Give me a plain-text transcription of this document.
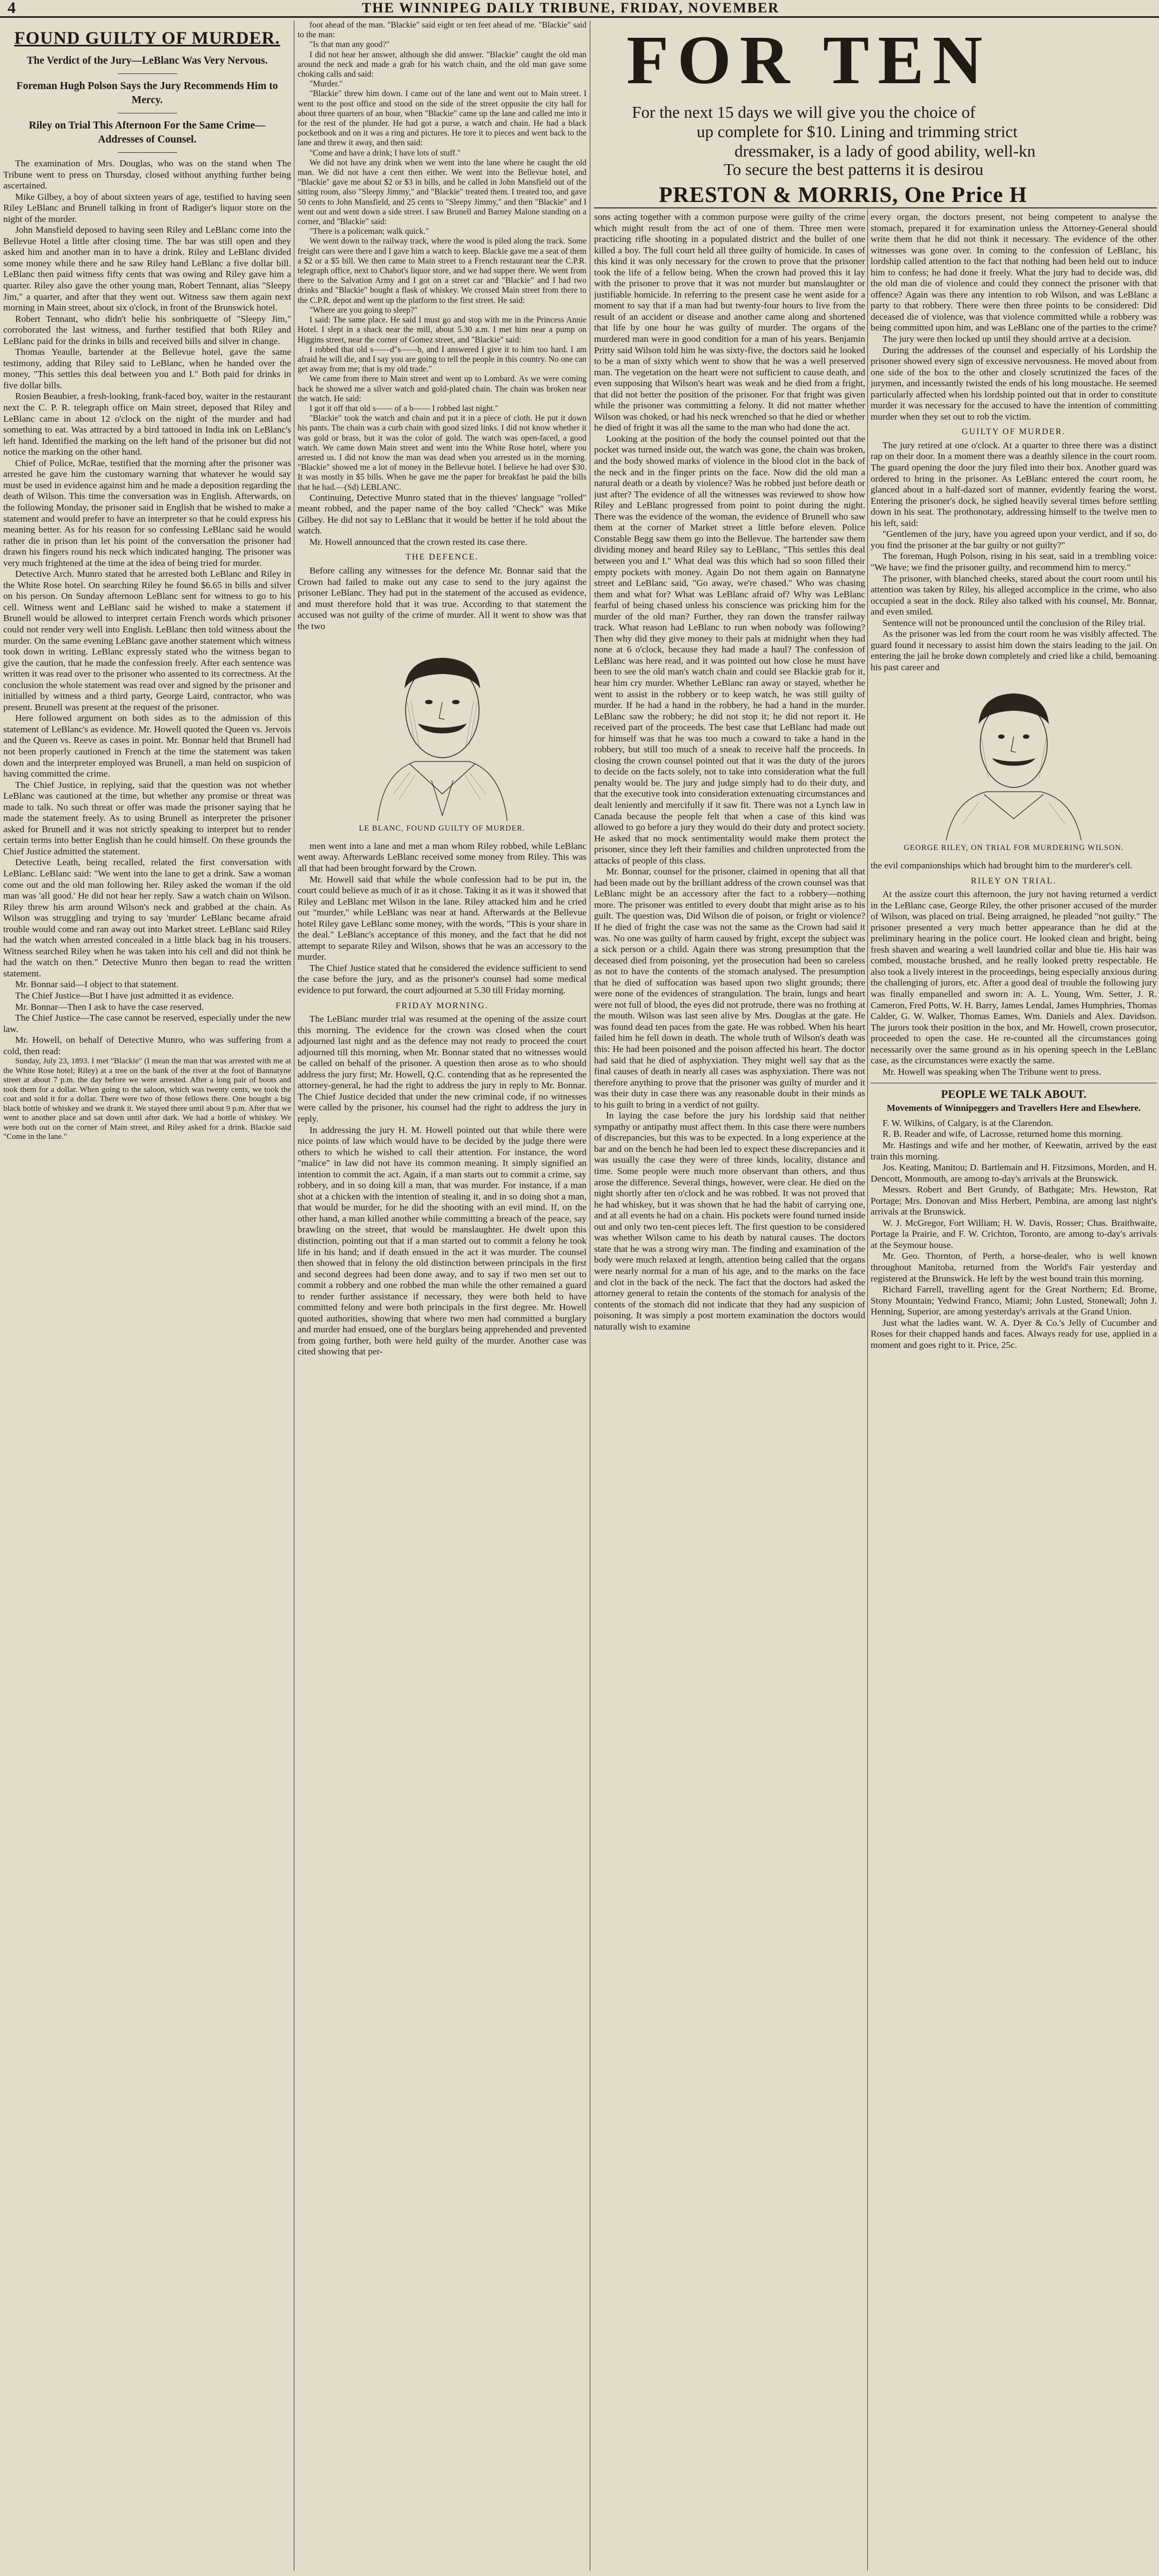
4	THE WINNIPEG DAILY TRIBUNE, FRIDAY, NOVEMBER
FOUND GUILTY OF MURDER.
The Verdict of the Jury—LeBlanc Was Very Nervous.
Foreman Hugh Polson Says the Jury Recommends Him to Mercy.
Riley on Trial This Afternoon For the Same Crime—Addresses of Counsel.

The examination of Mrs. Douglas, who was on the stand when The Tribune went to press on Thursday, closed without anything further being ascertained.

Mike Gilbey, a boy of about sixteen years of age, testified to having seen Riley LeBlanc and Brunell talking in front of Radiger's liquor store on the night of the murder.

John Mansfield deposed to having seen Riley and LeBlanc come into the Bellevue Hotel a little after closing time. The bar was still open and they asked him and another man in to have a drink. Riley and LeBlanc divided some money while there and he saw Riley hand LeBlanc a five dollar bill. LeBlanc then paid witness fifty cents that was owing and Riley gave him a quarter. Riley also gave the other young man, Robert Tennant, alias "Sleepy Jim," a quarter, and after that they went out. Witness saw them again next morning in Main street, about six o'clock, in front of the Brunswick hotel.

Robert Tennant, who didn't belie his sonbriquette of "Sleepy Jim," corroborated the last witness, and further testified that both Riley and LeBlanc paid for the drinks in bills and received bills and silver in change.

Thomas Yeaulle, bartender at the Bellevue hotel, gave the same testimony, adding that Riley said to LeBlanc, when he handed over the money, "This settles this deal between you and I." Both paid for drinks in five dollar bills.

Rosien Beaubier, a fresh-looking, frank-faced boy, waiter in the restaurant next the C. P. R. telegraph office on Main street, deposed that Riley and LeBlanc came in about 12 o'clock on the night of the murder and had something to eat. Was attracted by a bird tattooed in India ink on LeBlanc's left hand. Identified the marking on the left hand of the prisoner but did not notice the marking on the other hand.

Chief of Police, McRae, testified that the morning after the prisoner was arrested he gave him the customary warning that whatever he would say must be used in evidence against him and he made a deposition regarding the death of Wilson. This time the conversation was in English. Afterwards, on the following Monday, the prisoner said in English that he wished to make a statement and would prefer to have an interpreter so that he could express his meaning better. As for his reason for so confessing LeBlanc said he would rather die in prison than let his point of the conversation the prisoner had drawn his fingers round his neck which indicated hanging. The prisoner was very much frightened at the time at the idea of being tried for murder.

Detective Arch. Munro stated that he arrested both LeBlanc and Riley in the White Rose hotel. On searching Riley he found $6.65 in bills and silver on his person. On Sunday afternoon LeBlanc sent for witness to go to his cell. Witness went and LeBlanc said he wished to make a statement if Brunell would be allowed to interpret certain French words which prisoner could not render very well into English. LeBlanc then told witness about the murder. On the same evening LeBlanc gave another statement which witness took down in writing. LeBlanc expressly stated who the witness began to give the caution, that he made the confession freely. After each sentence was written it was read over to the prisoner who assented to its correctness. At the conclusion the whole statement was read over and signed by the prisoner and initialled by witness and a third party, George Laird, contractor, who was present. Brunell was present at the request of the prisoner.

Here followed argument on both sides as to the admission of this statement of LeBlanc's as evidence. Mr. Howell quoted the Queen vs. Jervois and the Queen vs. Reeve as cases in point. Mr. Bonnar held that Brunell had not been properly cautioned in French at the time the statement was taken down and the interpreter employed was Brunell, a man held on suspicion of having committed the crime.

The Chief Justice, in replying, said that the question was not whether LeBlanc was cautioned at the time, but whether any promise or threat was made to talk. No such threat or offer was made the prisoner saying that he made the statement freely. As to using Brunell as interpreter the prisoner asked for Brunell and it was not strictly speaking to interpret but to render certain terms into better English than he could himself. On these grounds the Chief Justice admitted the statement.

Detective Leath, being recalled, related the first conversation with LeBlanc. LeBlanc said: "We went into the lane to get a drink. Saw a woman come out and the old man following her. Riley asked the woman if the old man was 'all good.' He did not hear her reply. Saw a watch chain on Wilson. Riley threw his arm around Wilson's neck and grabbed at the chain. As Wilson was struggling and trying to say 'murder' LeBlanc became afraid trouble would come and ran away out into Market street. LeBlanc said Riley had the watch when arrested concealed in a little black bag in his trousers. Witness searched Riley when he was taken into his cell and did not think he had the watch on then." Detective Munro then began to read the written statement.

Mr. Bonnar said—I object to that statement.

The Chief Justice—But I have just admitted it as evidence.

Mr. Bonnar—Then I ask to have the case reserved.

The Chief Justice—The case cannot be reserved, especially under the new law.

Mr. Howell, on behalf of Detective Munro, who was suffering from a cold, then read:

Sunday, July 23, 1893. I met "Blackie" (I mean the man that was arrested with me at the White Rose hotel; Riley) at a tree on the bank of the river at the foot of Bannatyne street at about 7 p.m. the day before we were arrested. After a long pair of boots and took them for a dollar. When going to the saloon, which was twenty cents, we took the coat and sold it for a dollar. There were two of those fellows there. One bought a big black bottle of whiskey and we drank it. We stayed there until about 9 p.m. After that we went to another place and sat down until after dark. We had a bottle of whiskey. We were both out on the corner of Main street, and Riley asked for a drink. Blackie said "Come in the lane."

foot ahead of the man. "Blackie" said eight or ten feet ahead of me. "Blackie" said to the man:

"Is that man any good?"

I did not hear her answer, although she did answer. "Blackie" caught the old man around the neck and made a grab for his watch chain, and the old man gave some choking calls and said:

"Murder."

"Blackie" threw him down. I came out of the lane and went out to Main street. I went to the post office and stood on the side of the street opposite the city hall for about three quarters of an hour, when "Blackie" came up the lane and called me into it for the rest of the plunder. He had got a purse, a watch and chain. He had a black pocketbook and on it was a ring and pictures. He tore it to pieces and went back to the lane and threw it away, and then said:

"Come and have a drink; I have lots of stuff."

We did not have any drink when we went into the lane where he caught the old man. We did not have a cent then either. We went into the Bellevue hotel, and "Blackie" gave me about $2 or $3 in bills, and he called in John Mansfield out of the sitting room, also "Sleepy Jimmy," and "Blackie" treated them. I treated too, and gave 50 cents to John Mansfield, and 25 cents to "Sleepy Jimmy," and then "Blackie" and I went out and went down a side street. I saw Brunell and Barney Malone standing on a corner, and "Blackie" said:

"There is a policeman; walk quick."

We went down to the railway track, where the wood is piled along the track. Some freight cars were there and I gave him a watch to keep. Blackie gave me a seat of them a $2 or a $5 bill. We then came to Main street to a French restaurant near the C.P.R. telegraph office, next to Chabot's liquor store, and we had supper there. We went from there to the Salvation Army and I got on a street car and "Blackie" and I had two drinks and "Blackie" bought a flask of whiskey. We crossed Main street from there to the C.P.R. depot and went up the platform to the first street. He said:

"Where are you going to sleep?"

I said: The same place. He said I must go and stop with me in the Princess Annie Hotel. I slept in a shack near the mill, about 5.30 a.m. I met him near a pump on Higgins street, near the corner of Gomez street, and "Blackie" said:

I robbed that old s——d"s——b, and I answered I give it to him too hard. I am afraid he will die, and I say you are going to tell the people in this country. No one can get away from me; that is my old trade."

We came from there to Main street and went up to Lombard. As we were coming back he showed me a silver watch and gold-plated chain. The chain was broken near the watch. He said:

I got it off that old s—— of a b—— I robbed last night."

"Blackie" took the watch and chain and put it in a piece of cloth. He put it down his pants. The chain was a curb chain with good sized links. I did not know whether it was gold or brass, but it was the color of gold. The watch was open-faced, a good watch. We came down Main street and went into the White Rose hotel, where you arrested us. I did not know the man was dead when you arrested us in the morning. "Blackie" showed me a lot of money in the Bellevue hotel. I believe he had over $30. It was mostly in $5 bills. When he gave me the paper for breakfast he paid the bills that he had.—(Sd) LEBLANC.

Continuing, Detective Munro stated that in the thieves' language "rolled" meant robbed, and the paper name of the boy called "Check" was Mike Gilbey. He did not say to LeBlanc that it would be better if he told about the watch.

Mr. Howell announced that the crown rested its case there.

THE DEFENCE.

Before calling any witnesses for the defence Mr. Bonnar said that the Crown had failed to make out any case to send to the jury against the prisoner LeBlanc. They had put in the statement of the accused as evidence, and must therefore hold that it was true. According to that statement the accused was not guilty of the crime of murder. All it went to show was that the two

LE BLANC, FOUND GUILTY OF MURDER.

men went into a lane and met a man whom Riley robbed, while LeBlanc went away. Afterwards LeBlanc received some money from Riley. This was all that had been brought forward by the Crown.

Mr. Howell said that while the whole confession had to be put in, the court could believe as much of it as it chose. Taking it as it was it showed that Riley and LeBlanc met Wilson in the lane. Riley attacked him and he cried out "murder," while LeBlanc was near at hand. Afterwards at the Bellevue hotel Riley gave LeBlanc some money, with the words, "This is your share in the deal." LeBlanc's acceptance of this money, and the fact that he did not attempt to separate Riley and Wilson, shows that he was an accessory to the murder.

The Chief Justice stated that he considered the evidence sufficient to send the case before the jury, and as the prisoner's counsel had some medical evidence to put forward, the court adjourned at 5.30 till Friday morning.

FRIDAY MORNING.

The LeBlanc murder trial was resumed at the opening of the assize court this morning. The evidence for the crown was closed when the court adjourned last night and as the defence may not ready to proceed the court adjourned till this morning, when Mr. Bonnar stated that no witnesses would be called on behalf of the prisoner. A question then arose as to who should address the jury first; Mr. Howell, Q.C. contending that as he represented the attorney-general, he had the right to address the jury in reply to Mr. Bonnar. The Chief Justice decided that under the new criminal code, if no witnesses were called by the prisoner, his counsel had the right to address the jury in reply.

In addressing the jury H. M. Howell pointed out that while there were nice points of law which would have to be decided by the judge there were others to which he wished to call their attention. For instance, the word "malice" in law did not have its common meaning. It simply signified an intention to commit the act. Again, if a man starts out to commit a crime, say robbery, and in so doing kill a man, that was murder. For instance, if a man shot at a chicken with the intention of stealing it, and in so doing shot a man, that would be murder, for he did the shooting with an evil mind. If, on the other hand, a man killed another while committing a breach of the peace, say brawling on the street, that would be manslaughter. He dwelt upon this distinction, pointing out that if a man started out to commit a felony he took life in his hand; and if death ensued in the act it was murder. The counsel then showed that in felony the old distinction between principals in the first and second degrees had been done away, and to say if two men set out to commit a robbery and one robbed the man while the other remained a guard to render further assistance if necessary, they were both held to have committed felony and were both principals in the first degree. Mr. Howell quoted authorities, showing that where two men had committed a burglary and murder had ensued, one of the burglars being apprehended and prevented from going further, both were held guilty of the murder. Another case was cited showing that per-

FOR TEN
For the next 15 days we will give you the choice of
up complete for $10. Lining and trimming strict
dressmaker, is a lady of good ability, well-kn
To secure the best patterns it is desirou
PRESTON & MORRIS, One Price H

sons acting together with a common purpose were guilty of the crime which might result from the act of one of them. Three men were practicing rifle shooting in a populated district and the bullet of one killed a boy. The full court held all three guilty of homicide. In cases of this kind it was only necessary for the crown to prove that the prisoner took the life of a fellow being. When the crown had proved this it lay with the prisoner to prove that it was not murder but manslaughter or justifiable homicide. In referring to the present case he went aside for a moment to say that if a man had but twenty-four hours to live from the result of an accident or disease and another came along and shortened that life by one hour he was guilty of murder. The organs of the murdered man were in good condition for a man of his years. Benjamin Pritty said Wilson told him he was sixty-five, the doctors said he looked to be a man of sixty which went to show that he was a well preserved man. The vegetation on the heart were not sufficient to cause death, and even supposing that Wilson's heart was weak and he died from a fright, that did not better the position of the prisoner. For that fright was given while the prisoner was committing a felony. It did not matter whether Wilson was choked, or had his neck wrenched so that he died or whether he died of fright it was all the same to the man who had done the act.

Looking at the position of the body the counsel pointed out that the pocket was turned inside out, the watch was gone, the chain was broken, and the body showed marks of violence in the blood clot in the back of the neck and in the finger prints on the face. Now did the old man a natural death or a death by violence? Was he robbed just before death or just after? The evidence of all the witnesses was reviewed to show how Riley and LeBlanc progressed from point to point during the night. There was the evidence of the woman, the evidence of Brunell who saw them at the corner of Market street a little before eleven. Police Constable Begg saw them go into the Bellevue. The bartender saw them dividing money and heard Riley say to LeBlanc, "This settles this deal between you and I." What deal was this which had so soon filled their empty pockets with money. Again Do not them again on Bannatyne street and LeBlanc said, "Go away, we're chased." Who was chasing them and what for? What was LeBlanc afraid of? Why was LeBlanc fearful of being chased unless his conscience was pricking him for the murder of the old man? Further, they ran down the transfer railway track. What reason had LeBlanc to run when nobody was following? Then why did they give money to their pals at midnight when they had none at 6 o'clock, because they had made a haul? The confession of LeBlanc was here read, and it was pointed out how close he must have been to see the old man's watch chain and could see Blackie grab for it, hear him cry murder. Whether LeBlanc ran away or stayed, whether he went to assist in the robbery or to keep watch, he was still guilty of murder. If he had a hand in the robbery, he had a hand in the murder. LeBlanc saw the robbery; he did not stop it; he did not report it. He received part of the proceeds. The best case that LeBlanc had made out for himself was that he was too much a coward to take a hand in the robbery, but still too much of a sneak to receive half the proceeds. In closing the crown counsel pointed out that it was the duty of the jurors to decide on the facts solely, not to take into consideration what the full penalty would be. The jury and judge simply had to do their duty, and that the executive took into consideration extenuating circumstances and dealt leniently and mercifully if it saw fit. There was not a Lynch law in Canada because the people felt that when a case of this kind was allowed to go before a jury they would do their duty and protect society. He asked that no mock sentimentality would make them protect the prisoner, since they left their families and children unprotected from the attacks of people of this class.

Mr. Bonnar, counsel for the prisoner, claimed in opening that all that had been made out by the brilliant address of the crown counsel was that LeBlanc might be an accessory after the fact to a robbery—nothing more. The prisoner was entitled to every doubt that might arise as to his guilt. The question was, Did Wilson die of poison, or fright or violence? If he died of fright the case was not the same as the Crown had said it was. No one was guilty of harm caused by fright, except the subject was a sick person or a child. Again there was strong presumption that the deceased died from poisoning, yet the prosecution had been so careless as not to have the contents of the stomach analysed. The presumption that he died of suffocation was based upon two slight grounds; there were none of the evidences of strangulation. The brain, lungs and heart were not full of blood, the eyes did not protrude, there was no frothing at the mouth. Wilson was last seen alive by Mrs. Douglas at the gate. He was found dead ten paces from the gate. He was robbed. When his heart failed him he fell down in death. The whole truth of Wilson's death was this: He had been poisoned and the poison affected his heart. The doctor had said that he died of asphyxiation. They might well say that as the final causes of death in nearly all cases was asphyxiation. There was not therefore anything to prove that the prisoner was guilty of murder and it was their duty in case there was any reasonable doubt in their minds as to his guilt to bring in a verdict of not guilty.

In laying the case before the jury his lordship said that neither sympathy or antipathy must affect them. In this case there were numbers of discrepancies, but this was to be expected. In a long experience at the bar and on the bench he had been led to expect these discrepancies and it was usually the case they were of three kinds, locality, distance and time. Some people were much more observant than others, and thus arose the difference. Several things, however, were clear. He died on the night shortly after ten o'clock and he was robbed. It was not proved that he had whiskey, but it was shown that he had the habit of carrying one, and at all events he had on a chain. His pockets were found turned inside out and only two ten-cent pieces left. The first question to be considered was whether Wilson came to his death by natural causes. The doctors state that he was a strong wiry man. The finding and examination of the body were much relaxed at length, attention being called that the organs were nearly normal for a man of his age, and to the marks on the face and clot in the back of the neck. The fact that the doctors had asked the attorney general to retain the contents of the stomach for analysis of the contents of the stomach did not indicate that they had any suspicion of poisoning. It was simply a post mortem examination the doctors would naturally wish to examine

every organ, the doctors present, not being competent to analyse the stomach, prepared it for examination unless the Attorney-General should write them that he did not think it necessary. The evidence of the other witnesses was gone over. In coming to the confession of LeBlanc, his lordship called attention to the fact that nothing had been held out to induce him to confess; he had done it freely. What the jury had to decide was, did the old man die of violence and could they connect the prisoner with that offence? Again was there any intention to rob Wilson, and was LeBlanc a party to that robbery. There were then three points to be considered: Did deceased die of violence, was that violence committed while a robbery was being committed upon him, and was LeBlanc one of the parties to the crime?

The jury were then locked up until they should arrive at a decision.

During the addresses of the counsel and especially of his Lordship the prisoner showed every sign of excessive nervousness. He moved about from one side of the box to the other and closely scrutinized the faces of the jurymen, and incessantly twisted the ends of his long moustache. He seemed particularly affected when his lordship pointed out that in order to constitute murder it was necessary for the accused to have the intention of committing murder when they set out to rob the victim.

GUILTY OF MURDER.

The jury retired at one o'clock. At a quarter to three there was a distinct rap on their door. In a moment there was a deathly silence in the court room. The guard opening the door the jury filed into their box. Another guard was ordered to bring in the prisoner. As LeBlanc entered the court room, he glanced about in a half-dazed sort of manner, evidently fearing the worst. Entering the prisoner's dock, he sighed heavily several times before settling down in his seat. The prothonotary, addressing himself to the twelve men to his left, said:

"Gentlemen of the jury, have you agreed upon your verdict, and if so, do you find the prisoner at the bar guilty or not guilty?"

The foreman, Hugh Polson, rising in his seat, said in a trembling voice: "We have; we find the prisoner guilty, and recommend him to mercy."

The prisoner, with blanched cheeks, stared about the court room until his attention was taken by Riley, his alleged accomplice in the crime, who also occupied a seat in the dock. Riley also talked with his counsel, Mr. Bonnar, and even smiled.

Sentence will not be pronounced until the conclusion of the Riley trial.

As the prisoner was led from the court room he was visibly affected. The guard found it necessary to assist him down the stairs leading to the jail. On entering the jail he broke down completely and cried like a child, bemoaning his past career and

GEORGE RILEY, ON TRIAL FOR MURDERING WILSON.

the evil companionships which had brought him to the murderer's cell.

RILEY ON TRIAL.

At the assize court this afternoon, the jury not having returned a verdict in the LeBlanc case, George Riley, the other prisoner accused of the murder of Wilson, was placed on trial. Being arraigned, he pleaded "not guilty." The prisoner presented a very much better appearance than he did at the preliminary hearing in the police court. He looked clean and bright, being fresh shaven and wearing a well laundried collar and blue tie. His hair was combed, moustache brushed, and he really looked pretty respectable. He also took a lively interest in the proceedings, being especially anxious during the challenging of jurors, etc. After a good deal of trouble the following jury was finally empanelled and sworn in: A. L. Young, Wm. Setter, J. R. Cameron, Fred Potts, W. H. Barry, James Lendal, James Humphries, Thomas Calder, G. W. Walker, Thomas Eames, Wm. Daniels and Alex. Davidson. The jurors took their position in the box, and Mr. Howell, crown prosecutor, proceeded to open the case. He re-counted all the circumstances going necessarily over the same ground as in his opening speech in the LeBlanc case, as the circumstances were exactly the same.

Mr. Howell was speaking when The Tribune went to press.

PEOPLE WE TALK ABOUT.
Movements of Winnipeggers and Travellers Here and Elsewhere.

F. W. Wilkins, of Calgary, is at the Clarendon.

R. B. Reader and wife, of Lacrosse, returned home this morning.

Mr. Hastings and wife and her mother, of Keewatin, arrived by the east train this morning.

Jos. Keating, Manitou; D. Bartlemain and H. Fitzsimons, Morden, and H. Dencott, Monmouth, are among to-day's arrivals at the Brunswick.

Messrs. Robert and Bert Grundy, of Bathgate; Mrs. Hewston, Rat Portage; Mrs. Donovan and Miss Herbert, Pembina, are among last night's arrivals at the Brunswick.

W. J. McGregor, Fort William; H. W. Davis, Rosser; Chas. Braithwaite, Portage la Prairie, and F. W. Crichton, Toronto, are among to-day's arrivals at the Seymour house.

Mr. Geo. Thornton, of Perth, a horse-dealer, who is well known throughout Manitoba, returned from the World's Fair yesterday and registered at the Brunswick. He left by the west bound train this morning.

Richard Farrell, travelling agent for the Great Northern; Ed. Brome, Stony Mountain; Yedwind Franco, Miami; John Lusted, Stonewall; John J. Henning, Superior, are among yesterday's arrivals at the Grand Union.

Just what the ladies want. W. A. Dyer & Co.'s Jelly of Cucumber and Roses for their chapped hands and faces. Always ready for use, applied in a moment and goes right to it. Price, 25c.
